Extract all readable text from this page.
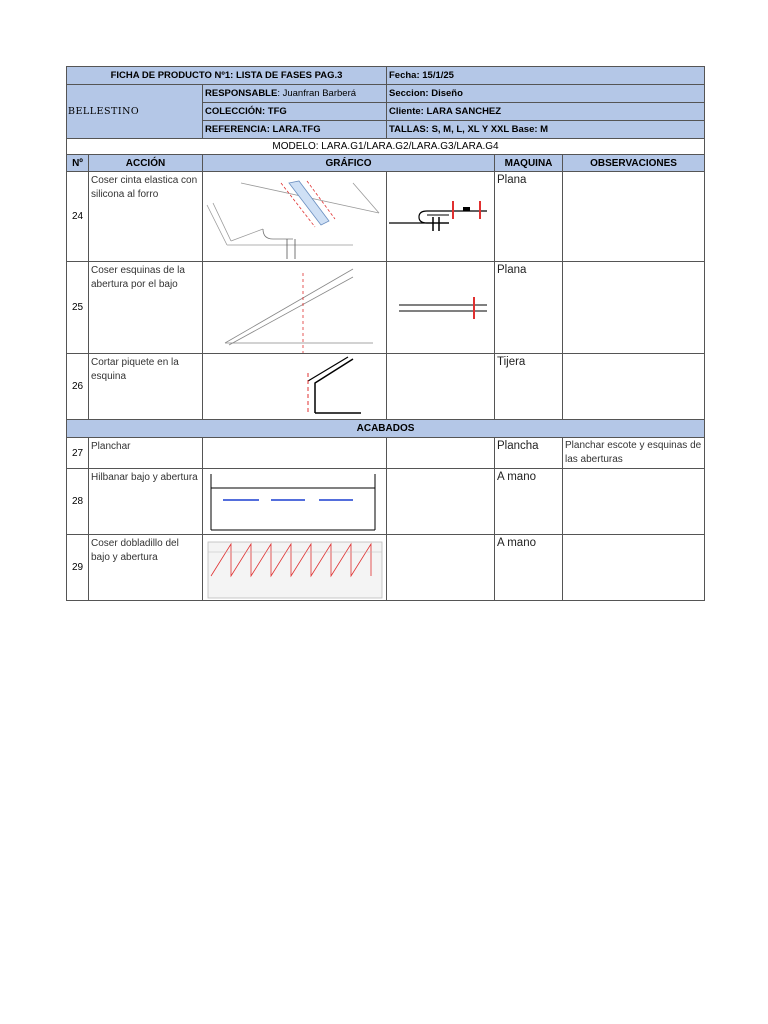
FICHA DE PRODUCTO Nº1: LISTA DE FASES PAG.3			Fecha: 15/1/25		
BELLESTINO		RESPONSABLE: Juanfran Barberá	Seccion: Diseño		
		COLECCIÓN: TFG	Cliente: LARA SANCHEZ		
		REFERENCIA: LARA.TFG	TALLAS: S, M, L, XL Y XXL Base: M		
MODELO: LARA.G1/LARA.G2/LARA.G3/LARA.G4					
Nº	ACCIÓN	GRÁFICO		MAQUINA	OBSERVACIONES
24	Coser cinta elastica con silicona al forro			Plana	
25	Coser esquinas de la abertura por el bajo			Plana	
26	Cortar piquete en la esquina			Tijera	
ACABADOS					
27	Planchar			Plancha	Planchar escote y esquinas de las aberturas
28	Hilbanar bajo y abertura			A mano	
29	Coser dobladillo del bajo y abertura			A mano	
